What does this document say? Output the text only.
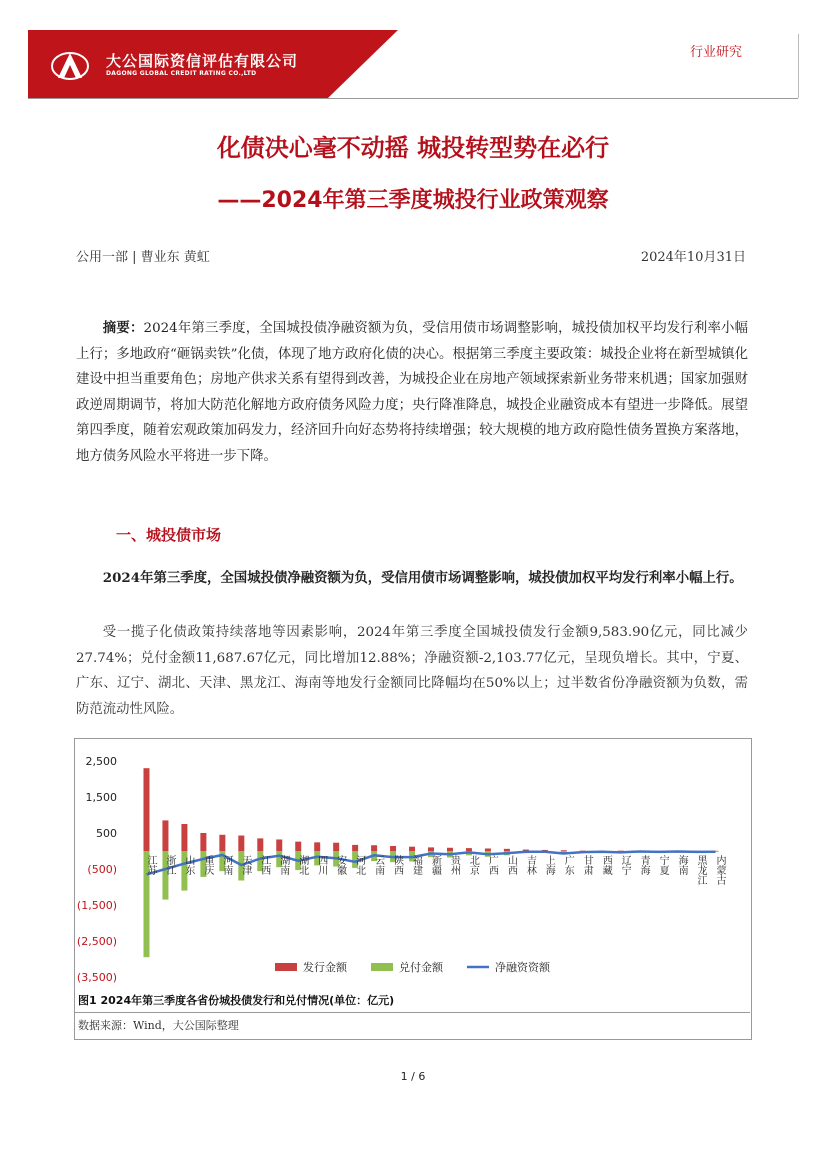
大公国际资信评估有限公司
DAGONG GLOBAL CREDIT RATING CO.,LTD
行业研究
化债决心毫不动摇 城投转型势在必行
——2024年第三季度城投行业政策观察
公用一部 | 曹业东 黄虹	2024年10月31日
摘要：2024年第三季度，全国城投债净融资额为负，受信用债市场调整影响，城投债加权平均发行利率小幅上行；多地政府“砸锅卖铁”化债，体现了地方政府化债的决心。根据第三季度主要政策：城投企业将在新型城镇化建设中担当重要角色；房地产供求关系有望得到改善，为城投企业在房地产领域探索新业务带来机遇；国家加强财政逆周期调节，将加大防范化解地方政府债务风险力度；央行降准降息，城投企业融资成本有望进一步降低。展望第四季度，随着宏观政策加码发力，经济回升向好态势将持续增强；较大规模的地方政府隐性债务置换方案落地，地方债务风险水平将进一步下降。
一、城投债市场
2024年第三季度，全国城投债净融资额为负，受信用债市场调整影响，城投债加权平均发行利率小幅上行。
受一揽子化债政策持续落地等因素影响，2024年第三季度全国城投债发行金额9,583.90亿元，同比减少27.74%；兑付金额11,687.67亿元，同比增加12.88%；净融资额-2,103.77亿元，呈现负增长。其中，宁夏、广东、辽宁、湖北、天津、黑龙江、海南等地发行金额同比降幅均在50%以上；过半数省份净融资额为负数，需防范流动性风险。
2,500
1,500
500
(500)
(1,500)
(2,500)
(3,500)
江苏 浙江 山东 重庆 河南 天津 江西 湖南 湖北 四川 安徽 河北 云南 陕西 福建 新疆 贵州 北京 广西 山西 吉林 上海 广东 甘肃 西藏 辽宁 青海 宁夏 海南 黑龙江 内蒙古
发行金额	兑付金额	净融资资额
图1 2024年第三季度各省份城投债发行和兑付情况(单位：亿元)
数据来源：Wind，大公国际整理
1 / 6
